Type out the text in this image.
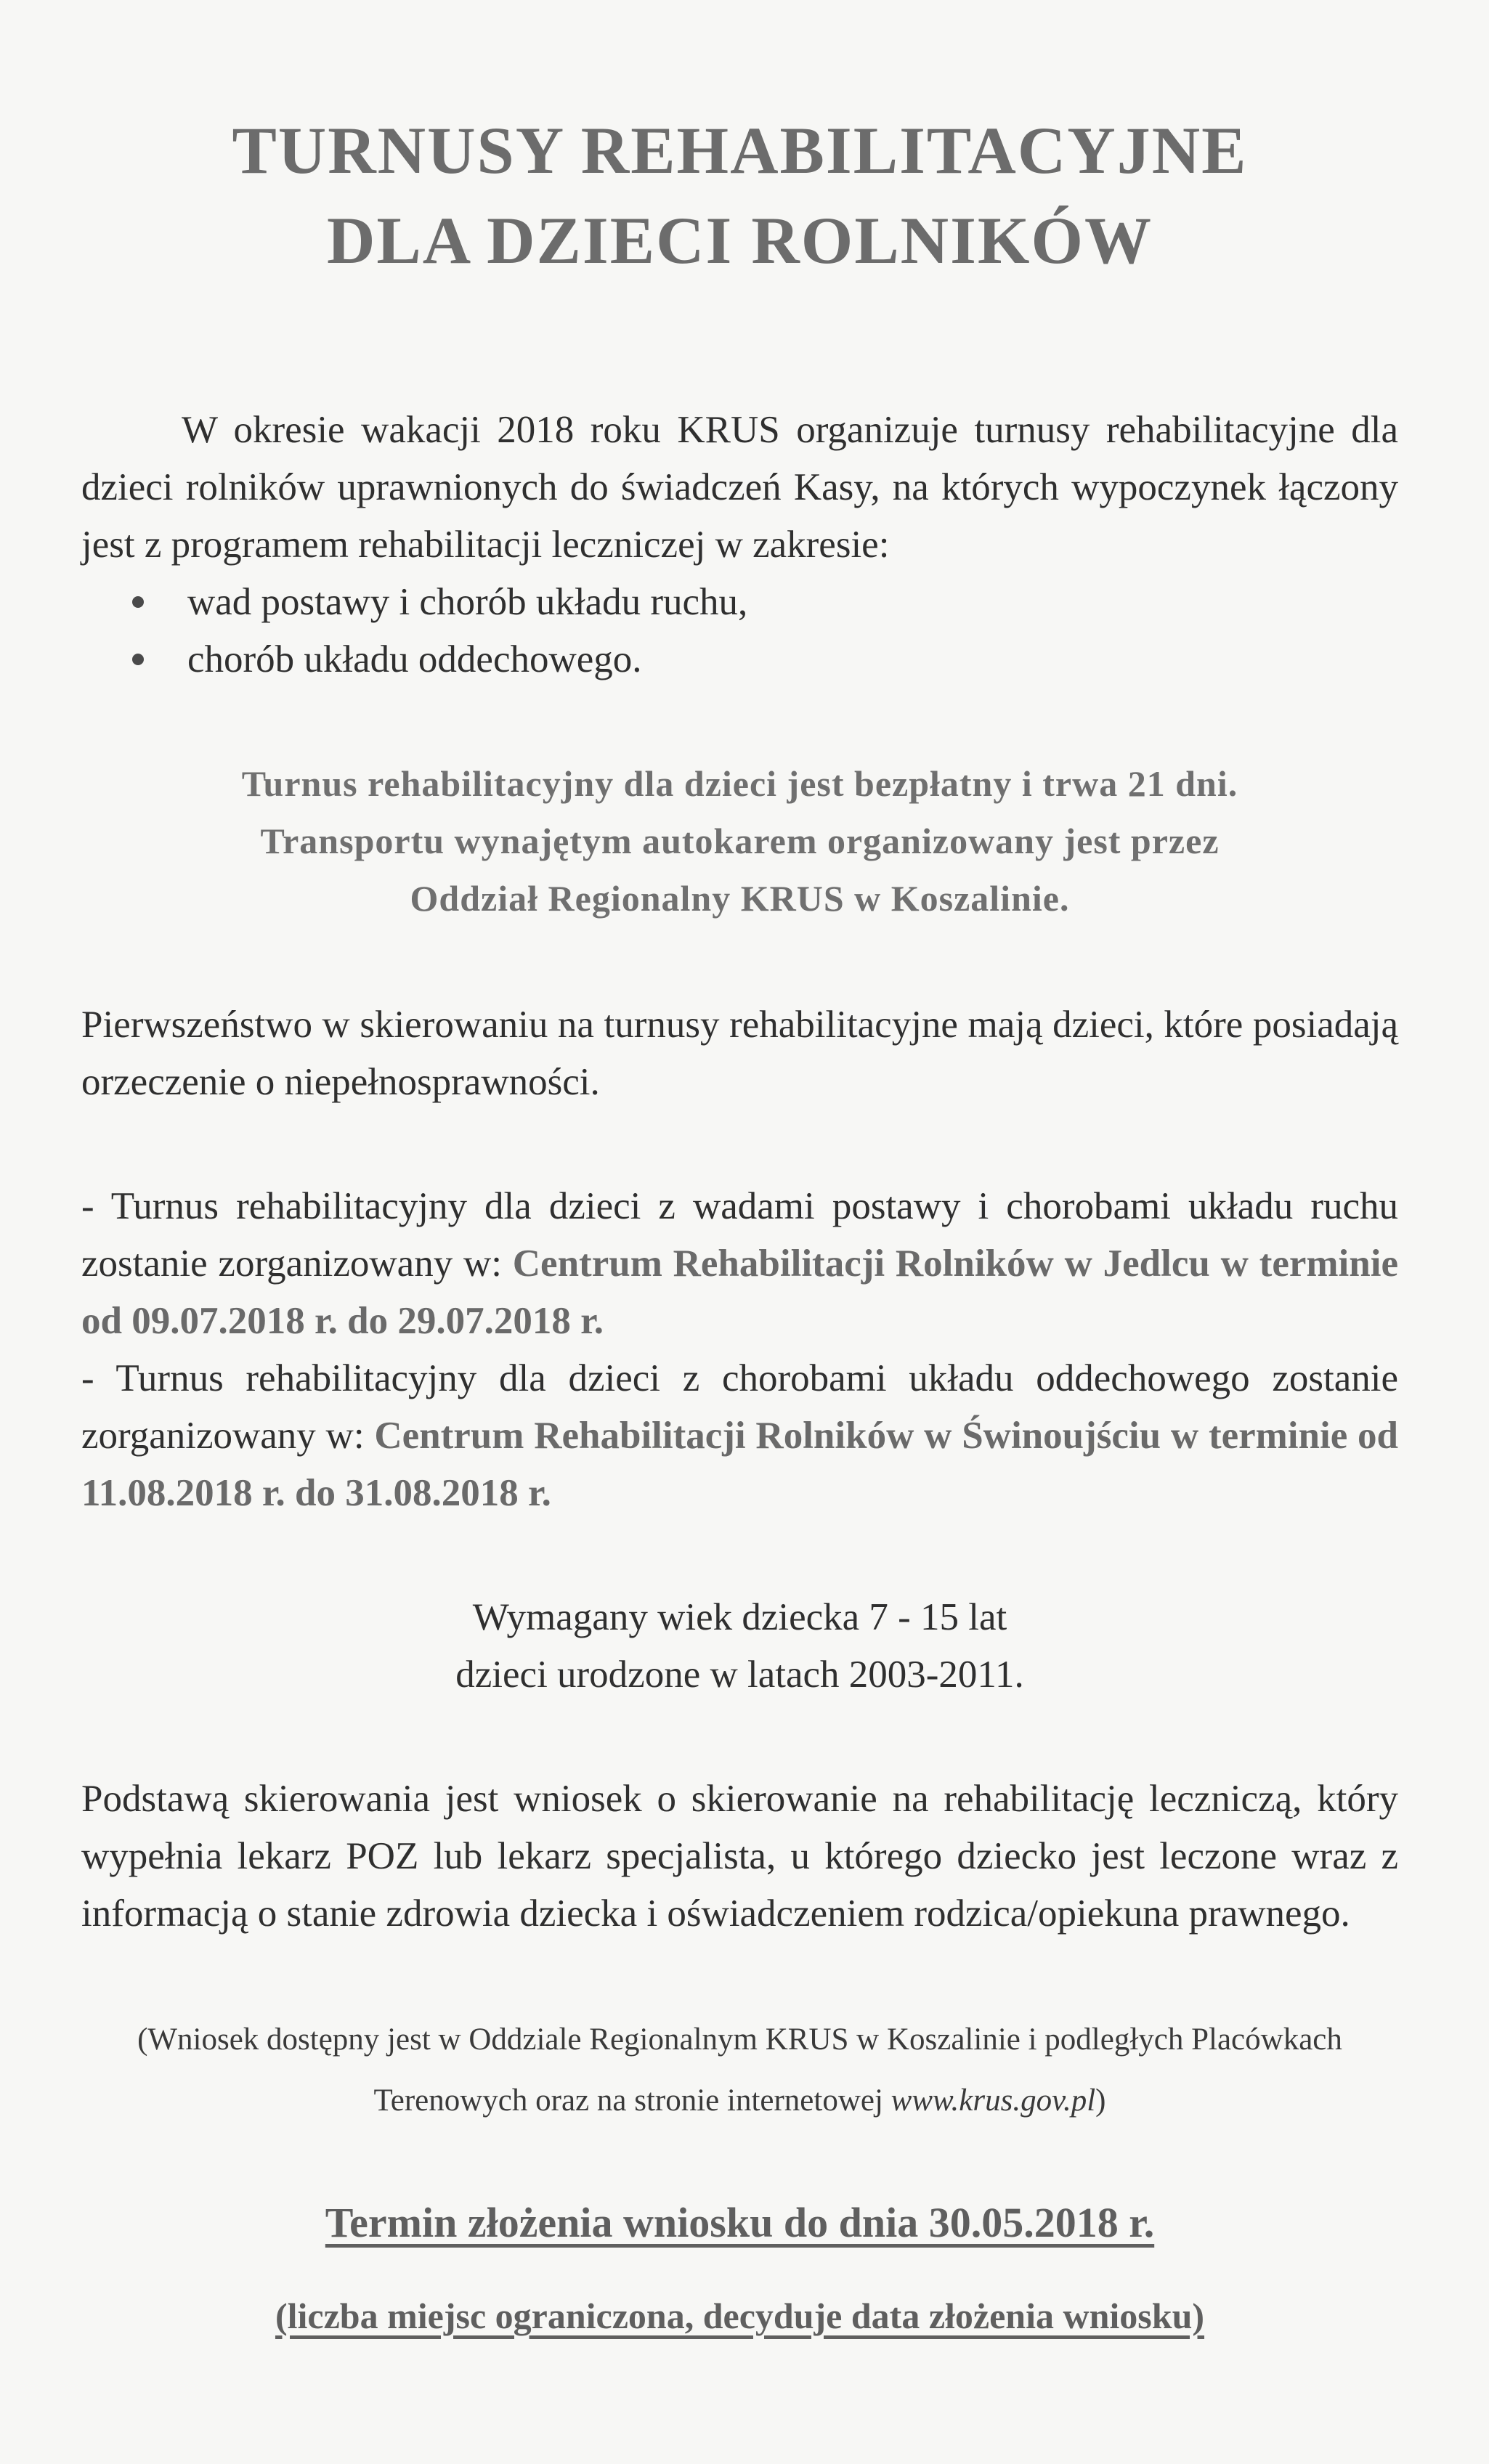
TURNUSY REHABILITACYJNE
DLA DZIECI ROLNIKÓW

W okresie wakacji 2018 roku KRUS organizuje turnusy rehabilitacyjne dla dzieci rolników uprawnionych do świadczeń Kasy, na których wypoczynek łączony jest z programem rehabilitacji leczniczej w zakresie:

wad postawy i chorób układu ruchu,
chorób układu oddechowego.
Turnus rehabilitacyjny dla dzieci jest bezpłatny i trwa 21 dni.
Transportu wynajętym autokarem organizowany jest przez
Oddział Regionalny KRUS w Koszalinie.

Pierwszeństwo w skierowaniu na turnusy rehabilitacyjne mają dzieci, które posiadają orzeczenie o niepełnosprawności.

- Turnus rehabilitacyjny dla dzieci z wadami postawy i chorobami układu ruchu zostanie zorganizowany w: Centrum Rehabilitacji Rolników w Jedlcu w terminie od 09.07.2018 r. do 29.07.2018 r.

- Turnus rehabilitacyjny dla dzieci z chorobami układu oddechowego zostanie zorganizowany w: Centrum Rehabilitacji Rolników w Świnoujściu w terminie od 11.08.2018 r. do 31.08.2018 r.

Wymagany wiek dziecka 7 - 15 lat
dzieci urodzone w latach 2003-2011.

Podstawą skierowania jest wniosek o skierowanie na rehabilitację leczniczą, który wypełnia lekarz POZ lub lekarz specjalista, u którego dziecko jest leczone wraz z informacją o stanie zdrowia dziecka i oświadczeniem rodzica/opiekuna prawnego.

(Wniosek dostępny jest w Oddziale Regionalnym KRUS w Koszalinie i podległych Placówkach Terenowych oraz na stronie internetowej www.krus.gov.pl)

Termin złożenia wniosku do dnia 30.05.2018 r.

(liczba miejsc ograniczona, decyduje data złożenia wniosku)
